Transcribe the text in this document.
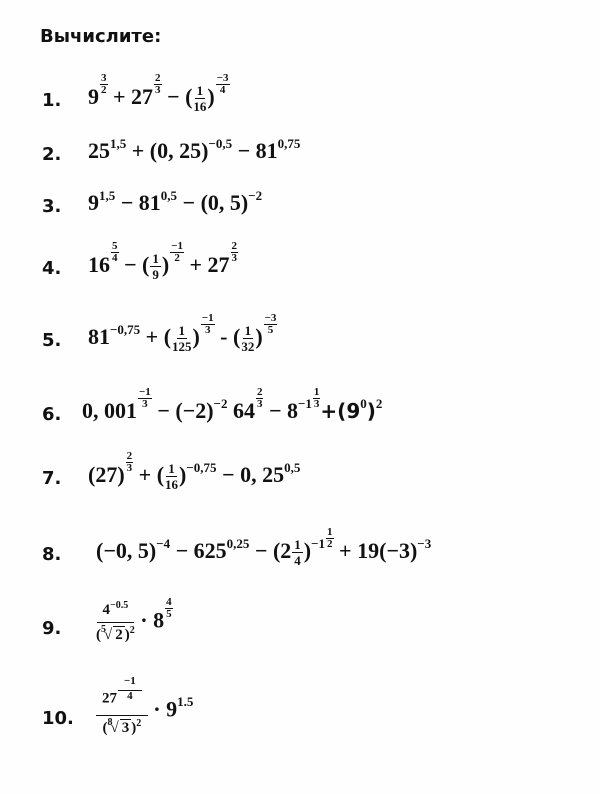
Вычислите:
1. $9 \frac{3}{2} + 27 \frac{2}{3}$ − ( $\frac{1}{16}$ ) $\frac{-3}{4}$
2. $25^{1,5} + (0$, $25)^{-0,5} - 81^{0,75}$
3. $9^{1,5} - 81^{0,5} - (0$, 5)$^{-2}$
4. $16 \frac{5}{4}$ − ( $\frac{1}{9}$ ) $\frac{-1}{2} + 27 \frac{2}{3}$
5. $81^{-0,75}$ + ( $\frac{1}{125}$ ) $\frac{-1}{3}$ - ( $\frac{1}{32}$ ) $\frac{-3}{5}$
6. 0, $001 \frac{-1}{3} - (-2)^{-2}$ $64 \frac{2}{3} - 8^{-1} \frac{1}{3}$
$+(9^0)^2$
7. $(27) \frac{2}{3}$ + ( $\frac{1}{16} )^{-0,75} - 0$, 25$^{0,5}$
8. (−0, $5)^{-4} - 625^{0,25} - (2 \frac{1}{4} )^{-1} \frac{1}{2} + 19(-3)^{-3}$
9. $\frac{4^{-0.5}}{(^5√ 2 )^2} \cdot 8 \frac{4}{5}$
10. $\frac{27 \frac{-1}{4}}{(^8√ 3 )^2} \cdot 9^{1.5}$
